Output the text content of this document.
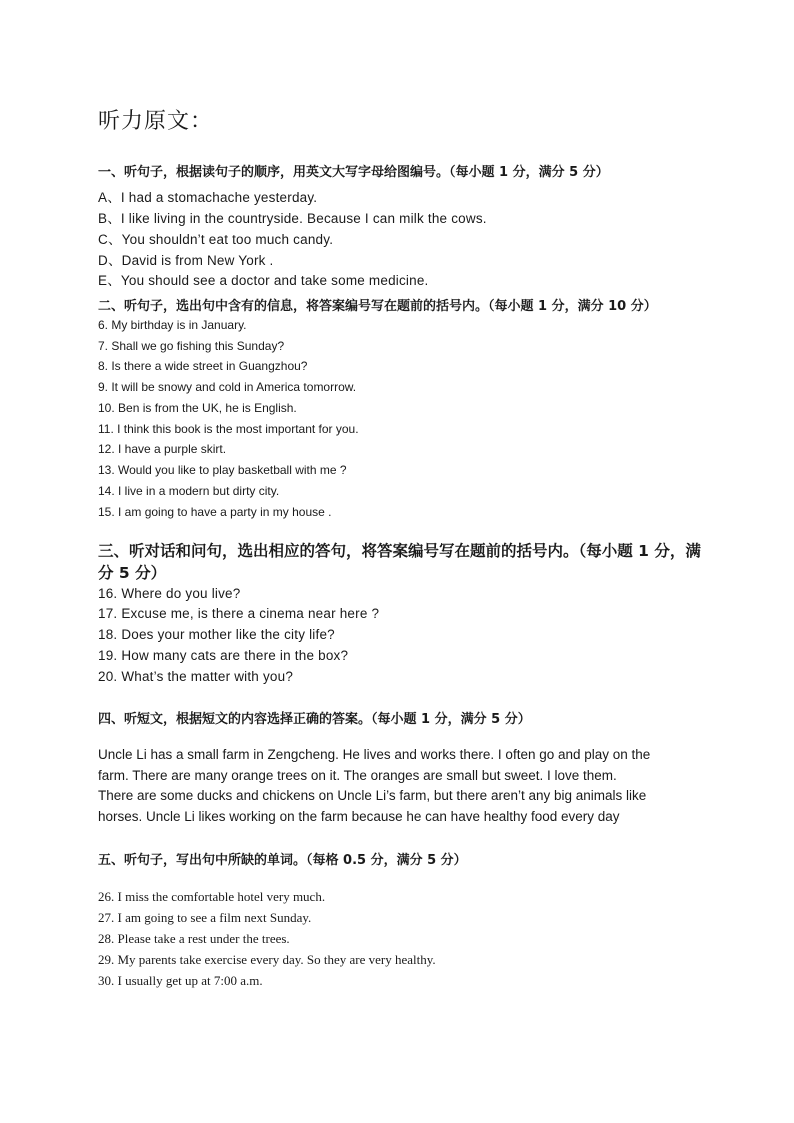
听力原文：
一、听句子，根据读句子的顺序，用英文大写字母给图编号。（每小题 1 分，满分 5 分）
A、I had a stomachache yesterday.
B、I like living in the countryside. Because I can milk the cows.
C、You shouldn’t eat too much candy.
D、David is from New York .
E、You should see a doctor and take some medicine.
二、听句子，选出句中含有的信息，将答案编号写在题前的括号内。（每小题 1 分，满分 10 分）
6. My birthday is in January.
7. Shall we go fishing this Sunday?
8. Is there a wide street in Guangzhou?
9. It will be snowy and cold in America tomorrow.
10. Ben is from the UK, he is English.
11. I think this book is the most important for you.
12. I have a purple skirt.
13. Would you like to play basketball with me ?
14. I live in a modern but dirty city.
15. I am going to have a party in my house .
三、听对话和问句，选出相应的答句，将答案编号写在题前的括号内。（每小题 1 分，满分 5 分）
16. Where do you live?
17. Excuse me, is there a cinema near here ?
18. Does your mother like the city life?
19. How many cats are there in the box?
20. What’s the matter with you?
四、听短文，根据短文的内容选择正确的答案。（每小题 1 分，满分 5 分）
Uncle Li has a small farm in Zengcheng. He lives and works there. I often go and play on the
farm. There are many orange trees on it. The oranges are small but sweet. I love them.
There are some ducks and chickens on Uncle Li’s farm, but there aren’t any big animals like
horses. Uncle Li likes working on the farm because he can have healthy food every day
五、听句子，写出句中所缺的单词。（每格 0.5 分，满分 5 分）
26. I miss the comfortable hotel very much.
27. I am going to see a film next Sunday.
28. Please take a rest under the trees.
29. My parents take exercise every day. So they are very healthy.
30. I usually get up at 7:00 a.m.
